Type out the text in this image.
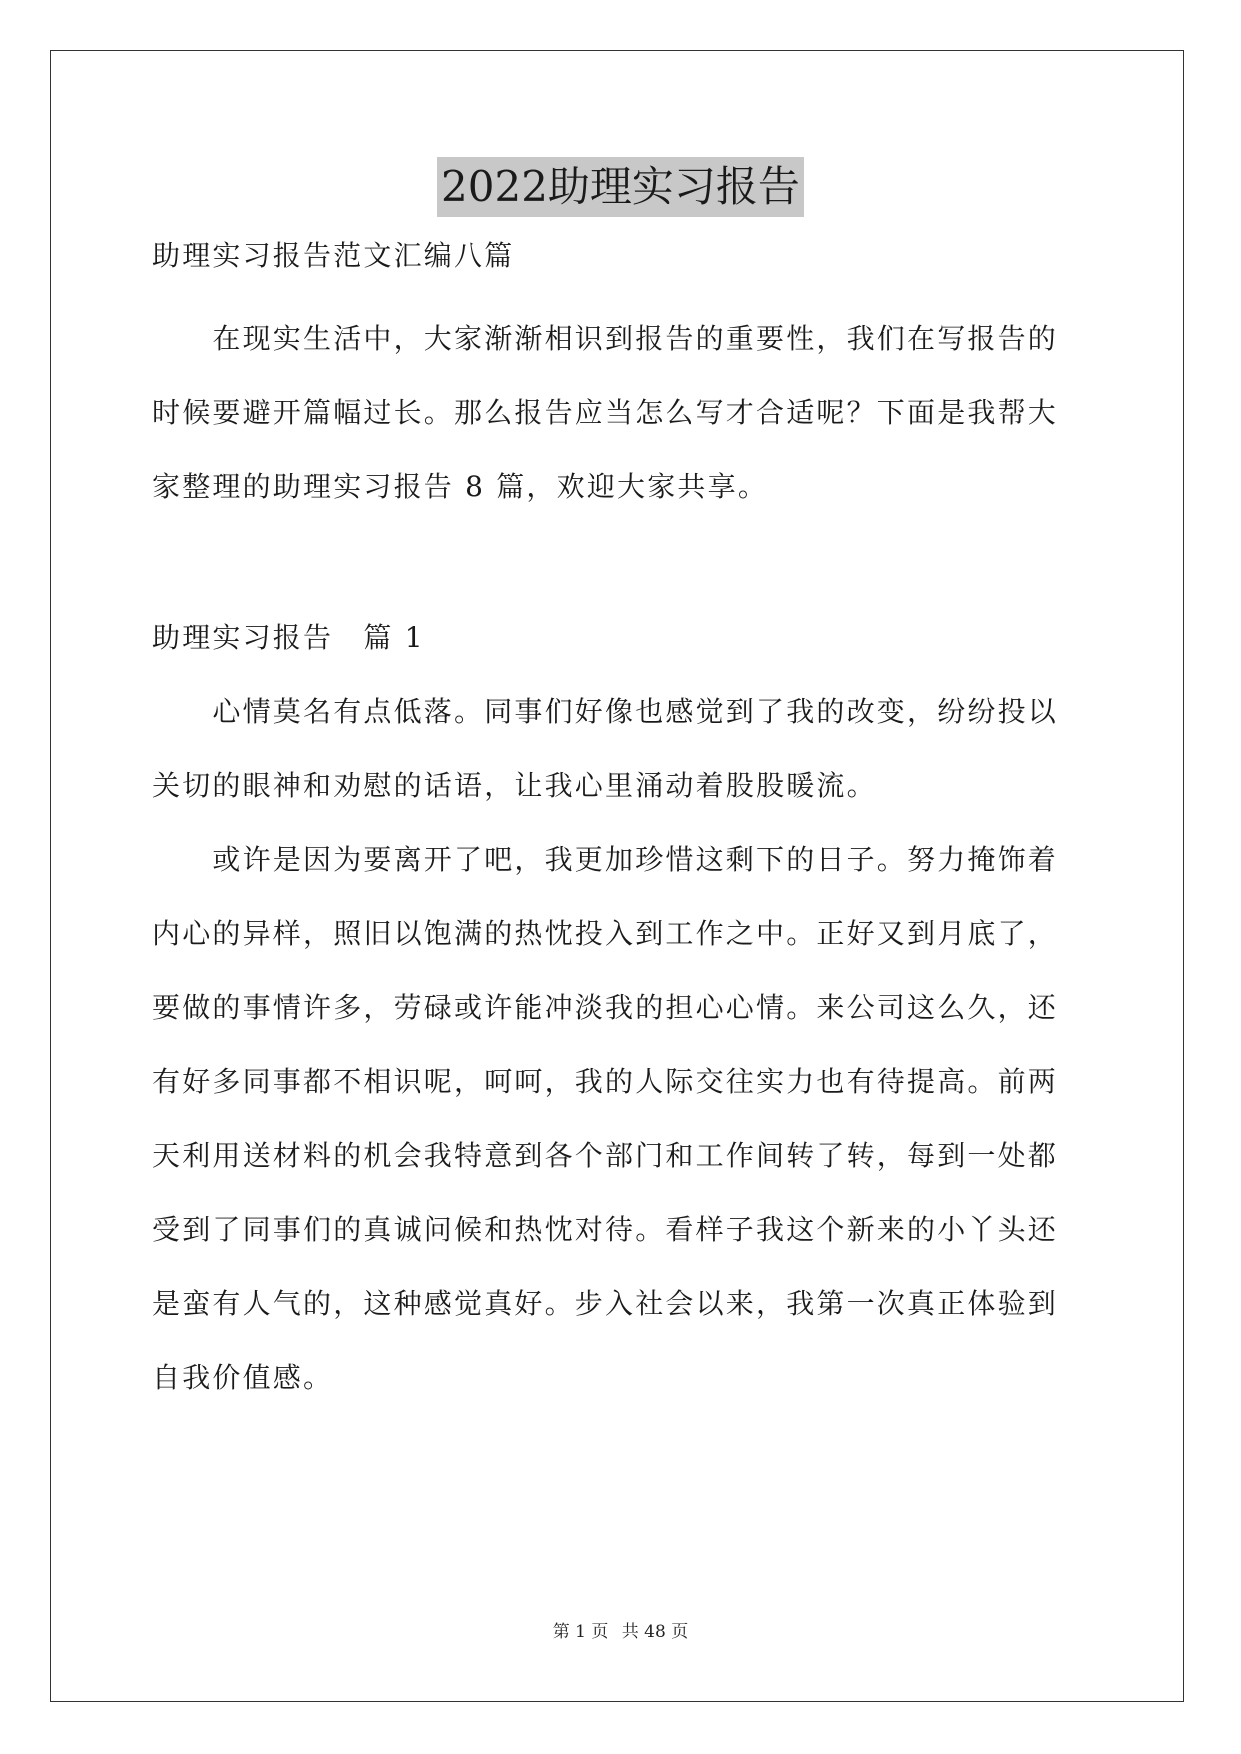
2022助理实习报告
助理实习报告范文汇编八篇
　　在现实生活中，大家渐渐相识到报告的重要性，我们在写报告的
时候要避开篇幅过长。那么报告应当怎么写才合适呢？下面是我帮大
家整理的助理实习报告 8 篇，欢迎大家共享。
助理实习报告　篇 1
　　心情莫名有点低落。同事们好像也感觉到了我的改变，纷纷投以
关切的眼神和劝慰的话语，让我心里涌动着股股暖流。
　　或许是因为要离开了吧，我更加珍惜这剩下的日子。努力掩饰着
内心的异样，照旧以饱满的热忱投入到工作之中。正好又到月底了，
要做的事情许多，劳碌或许能冲淡我的担心心情。来公司这么久，还
有好多同事都不相识呢，呵呵，我的人际交往实力也有待提高。前两
天利用送材料的机会我特意到各个部门和工作间转了转，每到一处都
受到了同事们的真诚问候和热忱对待。看样子我这个新来的小丫头还
是蛮有人气的，这种感觉真好。步入社会以来，我第一次真正体验到
自我价值感。
第 1 页 共 48 页
